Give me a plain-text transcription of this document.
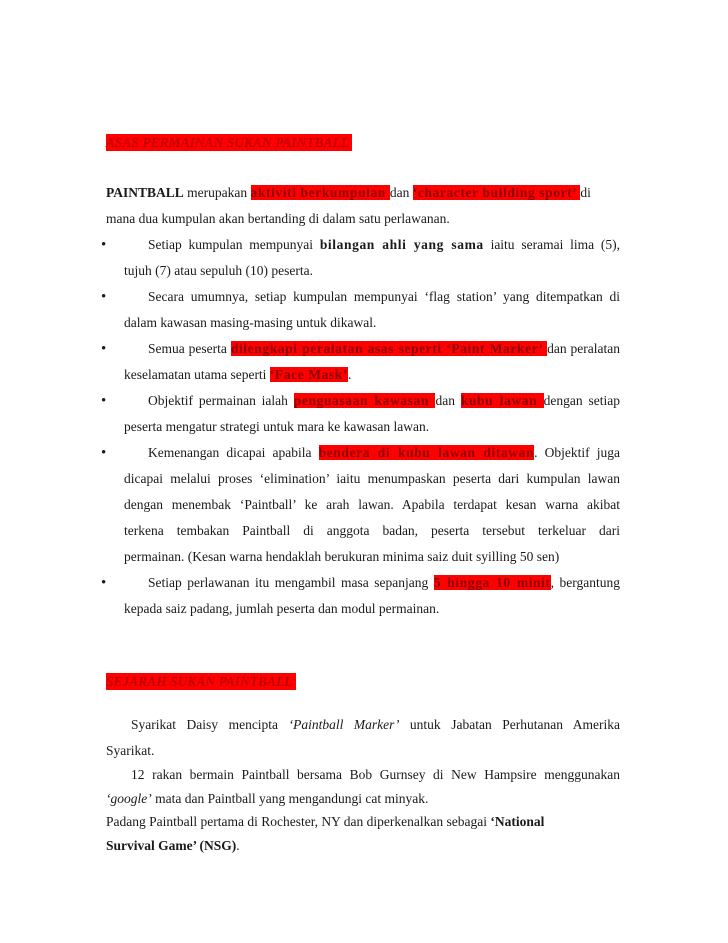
ASAS PERMAINAN SUKAN PAINTBALL
PAINTBALL merupakan aktiviti berkumpulan dan ‘character building sport’ di
mana dua kumpulan akan bertanding di dalam satu perlawanan.
•	Setiap kumpulan mempunyai bilangan ahli yang sama iaitu seramai lima (5),
tujuh (7) atau sepuluh (10) peserta.
•	Secara umumnya, setiap kumpulan mempunyai ‘flag station’ yang ditempatkan di
dalam kawasan masing-masing untuk dikawal.
•	Semua peserta dilengkapi peralatan asas seperti ‘Paint Marker’ dan peralatan
keselamatan utama seperti ‘Face Mask’.
•	Objektif permainan ialah penguasaan kawasan dan kubu lawan dengan setiap
peserta mengatur strategi untuk mara ke kawasan lawan.
•	Kemenangan dicapai apabila bendera di kubu lawan ditawan. Objektif juga
dicapai melalui proses ‘elimination’ iaitu menumpaskan peserta dari kumpulan lawan
dengan menembak ‘Paintball’ ke arah lawan. Apabila terdapat kesan warna akibat
terkena tembakan Paintball di anggota badan, peserta tersebut terkeluar dari
permainan. (Kesan warna hendaklah berukuran minima saiz duit syilling 50 sen)
•	Setiap perlawanan itu mengambil masa sepanjang 5 hingga 10 minit, bergantung
kepada saiz padang, jumlah peserta dan modul permainan.
SEJARAH SUKAN PAINTBALL
Syarikat Daisy mencipta ‘Paintball Marker’ untuk Jabatan Perhutanan Amerika
Syarikat.
12 rakan bermain Paintball bersama Bob Gurnsey di New Hampsire menggunakan
‘google’ mata dan Paintball yang mengandungi cat minyak.
Padang Paintball pertama di Rochester, NY dan diperkenalkan sebagai ‘National
Survival Game’ (NSG).
